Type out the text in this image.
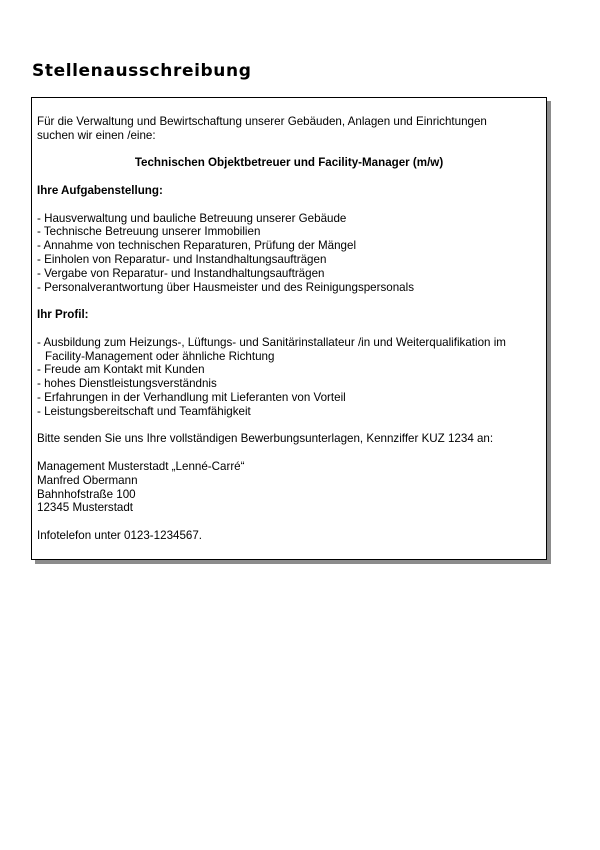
Stellenausschreibung

Für die Verwaltung und Bewirtschaftung unserer Gebäuden, Anlagen und Einrichtungen

suchen wir einen /eine:

Technischen Objektbetreuer und Facility-Manager (m/w)

Ihre Aufgabenstellung:

- Hausverwaltung und bauliche Betreuung unserer Gebäude

- Technische Betreuung unserer Immobilien

- Annahme von technischen Reparaturen, Prüfung der Mängel

- Einholen von Reparatur- und Instandhaltungsaufträgen

- Vergabe von Reparatur- und Instandhaltungsaufträgen

- Personalverantwortung über Hausmeister und des Reinigungspersonals

Ihr Profil:

- Ausbildung zum Heizungs-, Lüftungs- und Sanitärinstallateur /in und Weiterqualifikation im

Facility-Management oder ähnliche Richtung

- Freude am Kontakt mit Kunden

- hohes Dienstleistungsverständnis

- Erfahrungen in der Verhandlung mit Lieferanten von Vorteil

- Leistungsbereitschaft und Teamfähigkeit

Bitte senden Sie uns Ihre vollständigen Bewerbungsunterlagen, Kennziffer KUZ 1234 an:

Management Musterstadt „Lenné-Carré“

Manfred Obermann

Bahnhofstraße 100

12345 Musterstadt

Infotelefon unter 0123-1234567.
